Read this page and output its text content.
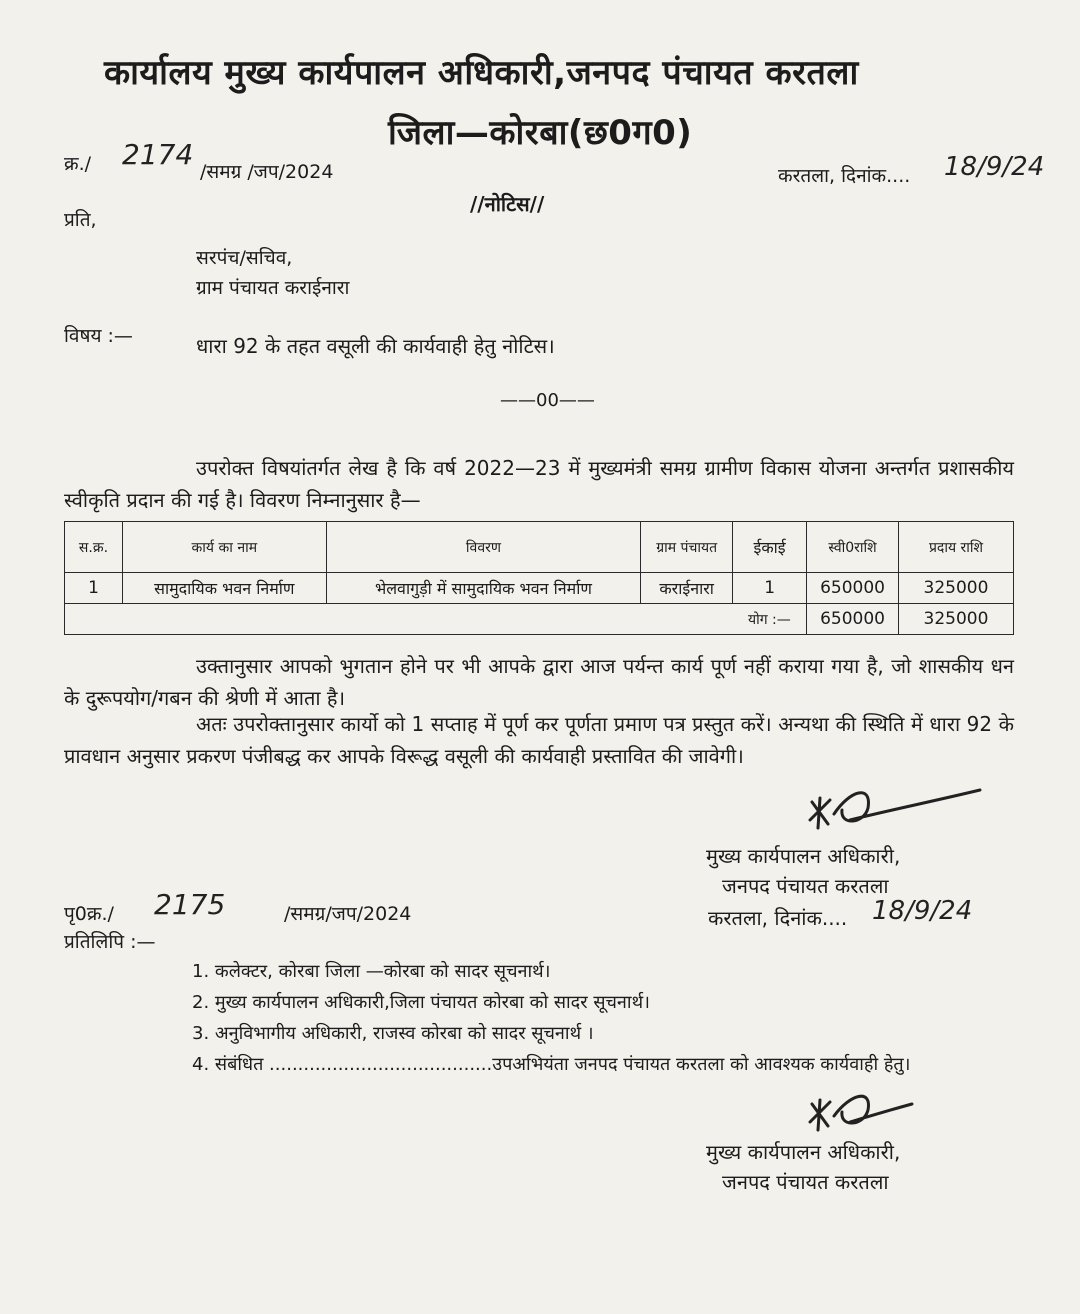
कार्यालय मुख्य कार्यपालन अधिकारी,जनपद पंचायत करतला
जिला—कोरबा(छ0ग0)
क्र./ 2174
/समग्र /जप/2024	करतला, दिनांक.... 18/9/24
//नोटिस//
प्रति,
सरपंच/सचिव,
ग्राम पंचायत कराईनारा
विषय :—	धारा 92 के तहत वसूली की कार्यवाही हेतु नोटिस।
——00——
उपरोक्त विषयांतर्गत लेख है कि वर्ष 2022—23 में मुख्यमंत्री समग्र ग्रामीण विकास योजना अन्तर्गत प्रशासकीय स्वीकृति प्रदान की गई है। विवरण निम्नानुसार है—
स.क्र.	कार्य का नाम	विवरण	ग्राम पंचायत	ईकाई	स्वी0राशि	प्रदाय राशि
1	सामुदायिक भवन निर्माण	भेलवागुड़ी में सामुदायिक भवन निर्माण	कराईनारा	1	650000	325000
				योग :—	650000	325000
उक्तानुसार आपको भुगतान होने पर भी आपके द्वारा आज पर्यन्त कार्य पूर्ण नहीं कराया गया है, जो शासकीय धन के दुरूपयोग/गबन की श्रेणी में आता है।
अतः उपरोक्तानुसार कार्यो को 1 सप्ताह में पूर्ण कर पूर्णता प्रमाण पत्र प्रस्तुत करें। अन्यथा की स्थिति में धारा 92 के प्रावधान अनुसार प्रकरण पंजीबद्ध कर आपके विरूद्ध वसूली की कार्यवाही प्रस्तावित की जावेगी।
मुख्य कार्यपालन अधिकारी,
जनपद पंचायत करतला
पृ0क्र./ 2175	/समग्र/जप/2024	करतला, दिनांक.... 18/9/24
प्रतिलिपि :—
1. कलेक्टर, कोरबा जिला —कोरबा को सादर सूचनार्थ।
2. मुख्य कार्यपालन अधिकारी,जिला पंचायत कोरबा को सादर सूचनार्थ।
3. अनुविभागीय अधिकारी, राजस्व कोरबा को सादर सूचनार्थ ।
4. संबंधित .......................................उपअभियंता जनपद पंचायत करतला को आवश्यक कार्यवाही हेतु।
मुख्य कार्यपालन अधिकारी,
जनपद पंचायत करतला
